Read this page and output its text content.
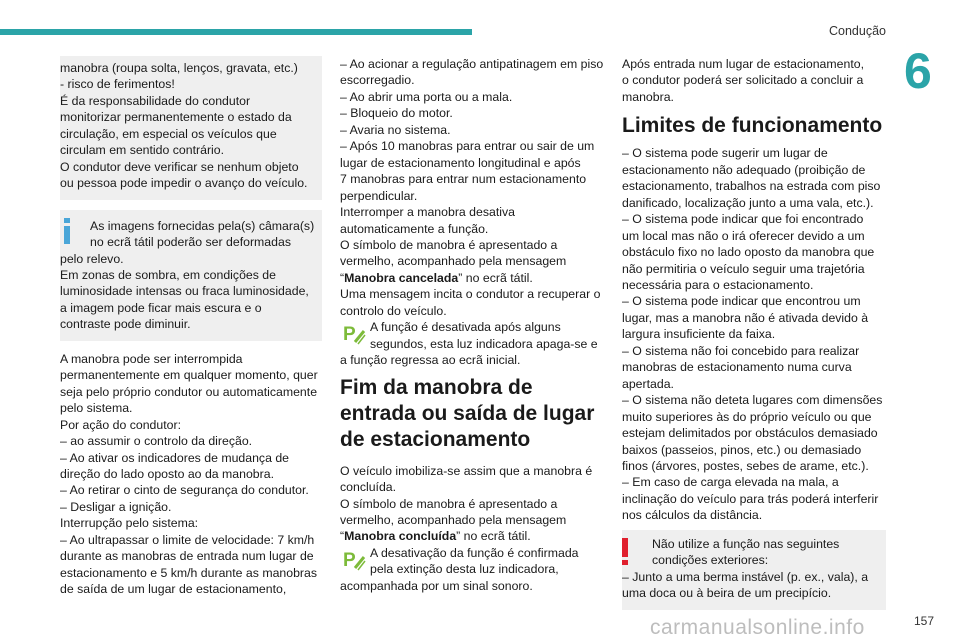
Condução
6
157
carmanualsonline.info
manobra (roupa solta, lenços, gravata, etc.)
- risco de ferimentos!
É da responsabilidade do condutor
monitorizar permanentemente o estado da
circulação, em especial os veículos que
circulam em sentido contrário.
O condutor deve verificar se nenhum objeto
ou pessoa pode impedir o avanço do veículo.
As imagens fornecidas pela(s) câmara(s)
no ecrã tátil poderão ser deformadas
pelo relevo.
Em zonas de sombra, em condições de
luminosidade intensas ou fraca luminosidade,
a imagem pode ficar mais escura e o
contraste pode diminuir.
A manobra pode ser interrompida
permanentemente em qualquer momento, quer
seja pelo próprio condutor ou automaticamente
pelo sistema.
Por ação do condutor:
– ao assumir o controlo da direção.
– Ao ativar os indicadores de mudança de
direção do lado oposto ao da manobra.
– Ao retirar o cinto de segurança do condutor.
– Desligar a ignição.
Interrupção pelo sistema:
– Ao ultrapassar o limite de velocidade: 7 km/h
durante as manobras de entrada num lugar de
estacionamento e 5 km/h durante as manobras
de saída de um lugar de estacionamento,
– Ao acionar a regulação antipatinagem em piso
escorregadio.
– Ao abrir uma porta ou a mala.
– Bloqueio do motor.
– Avaria no sistema.
– Após 10 manobras para entrar ou sair de um
lugar de estacionamento longitudinal e após
7 manobras para entrar num estacionamento
perpendicular.
Interromper a manobra desativa
automaticamente a função.
O símbolo de manobra é apresentado a
vermelho, acompanhado pela mensagem
“Manobra cancelada” no ecrã tátil.
Uma mensagem incita o condutor a recuperar o
controlo do veículo.
P	A função é desativada após alguns
segundos, esta luz indicadora apaga-se e
a função regressa ao ecrã inicial.
Fim da manobra de entrada ou saída de lugar de estacionamento
O veículo imobiliza-se assim que a manobra é
concluída.
O símbolo de manobra é apresentado a
vermelho, acompanhado pela mensagem
“Manobra concluída” no ecrã tátil.
P	A desativação da função é confirmada
pela extinção desta luz indicadora,
acompanhada por um sinal sonoro.
Após entrada num lugar de estacionamento,
o condutor poderá ser solicitado a concluir a
manobra.
Limites de funcionamento
– O sistema pode sugerir um lugar de
estacionamento não adequado (proibição de
estacionamento, trabalhos na estrada com piso
danificado, localização junto a uma vala, etc.).
– O sistema pode indicar que foi encontrado
um local mas não o irá oferecer devido a um
obstáculo fixo no lado oposto da manobra que
não permitiria o veículo seguir uma trajetória
necessária para o estacionamento.
– O sistema pode indicar que encontrou um
lugar, mas a manobra não é ativada devido à
largura insuficiente da faixa.
– O sistema não foi concebido para realizar
manobras de estacionamento numa curva
apertada.
– O sistema não deteta lugares com dimensões
muito superiores às do próprio veículo ou que
estejam delimitados por obstáculos demasiado
baixos (passeios, pinos, etc.) ou demasiado
finos (árvores, postes, sebes de arame, etc.).
– Em caso de carga elevada na mala, a
inclinação do veículo para trás poderá interferir
nos cálculos da distância.
Não utilize a função nas seguintes
condições exteriores:
– Junto a uma berma instável (p. ex., vala), a
uma doca ou à beira de um precipício.
